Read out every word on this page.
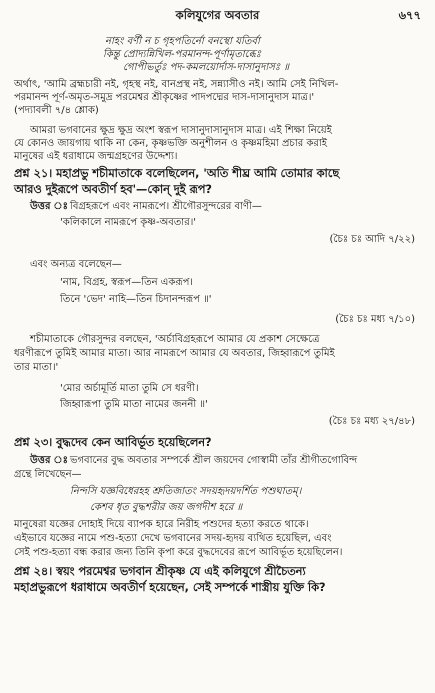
কলিযুগের অবতার	৬৭৭
নাহং বর্ণী ন চ গৃহপতির্নো বনস্থো যতির্বা
কিন্তু প্রোদ্যন্নিখিল-পরমানন্দ-পূর্ণামৃতাব্ধেঃ
গোপীভর্তুঃ পদ-কমলয়োর্দাস-দাসানুদাসঃ ॥
অর্থাৎ, 'আমি ব্রহ্মচারী নই, গৃহস্থ নই, বানপ্রস্থ নই, সন্ন্যাসীও নই। আমি সেই নিখিল-
পরমানন্দ পূর্ণ-অমৃত-সমুদ্র পরমেশ্বর শ্রীকৃষ্ণের পাদপদ্মের দাস-দাসানুদাস মাত্র।'
(পদ্যাবলী ৭/৪ শ্লোক)
আমরা ভগবানের ক্ষুদ্র ক্ষুদ্র অংশ স্বরূপ দাসানুদাসানুদাস মাত্র। এই শিক্ষা নিয়েই
যে কোনও জায়গায় থাকি না কেন, কৃষ্ণভক্তি অনুশীলন ও কৃষ্ণমহিমা প্রচার করাই
মানুষের এই ধরাধামে জন্মগ্রহণের উদ্দেশ্য।
প্রশ্ন ২১। মহাপ্রভু শচীমাতাকে বলেছিলেন, 'অতি শীঘ্র আমি তোমার কাছে
আরও দুইরূপে অবতীর্ণ হব'—কোন্ দুই রূপ?
উত্তর ঃ বিগ্রহরূপে এবং নামরূপে। শ্রীগৌরসুন্দরের বাণী—
'কলিকালে নামরূপে কৃষ্ণ-অবতার।'
(চৈঃ চঃ আদি ৭/২২)
এবং অন্যত্র বলেছেন—
'নাম, বিগ্রহ, স্বরূপ—তিন একরূপ।
তিনে 'ভেদ' নাহি—তিন চিদানন্দরূপ ॥'
(চৈঃ চঃ মধ্য ৭/১০)
শচীমাতাকে গৌরসুন্দর বলছেন, 'অর্চাবিগ্রহরূপে আমার যে প্রকাশ সেক্ষেত্রে
ধরণীরূপে তুমিই আমার মাতা। আর নামরূপে আমার যে অবতার, জিহ্বারূপে তুমিই
তার মাতা।'
'মোর অর্চামূর্তি মাতা তুমি সে ধরণী।
জিহ্বারূপা তুমি মাতা নামের জননী ॥'
(চৈঃ চঃ মধ্য ২৭/৪৮)
প্রশ্ন ২৩। বুদ্ধদেব কেন আবির্ভূত হয়েছিলেন?
উত্তর ঃ ভগবানের বুদ্ধ অবতার সম্পর্কে শ্রীল জয়দেব গোস্বামী তাঁর শ্রীগীতগোবিন্দ
গ্রন্থে লিখেছেন—
নিন্দসি যজ্ঞবিধেরহহ শ্রুতিজাতং সদয়হৃদয়দর্শিত পশুঘাতম্।
কেশব ধৃত বুদ্ধশরীর জয় জগদীশ হরে ॥
মানুষেরা যজ্ঞের দোহাই দিয়ে ব্যাপক হারে নিরীহ পশুদের হত্যা করতে থাকে।
এইভাবে যজ্ঞের নামে পশু-হত্যা দেখে ভগবানের সদয়-হৃদয় ব্যথিত হয়েছিল, এবং
সেই পশু-হত্যা বন্ধ করার জন্য তিনি কৃপা করে বুদ্ধদেবের রূপে আবির্ভূত হয়েছিলেন।
প্রশ্ন ২৪। স্বয়ং পরমেশ্বর ভগবান শ্রীকৃষ্ণ যে এই কলিযুগে শ্রীচৈতন্য
মহাপ্রভুরূপে ধরাধামে অবতীর্ণ হয়েছেন, সেই সম্পর্কে শাস্ত্রীয় যুক্তি কি?
